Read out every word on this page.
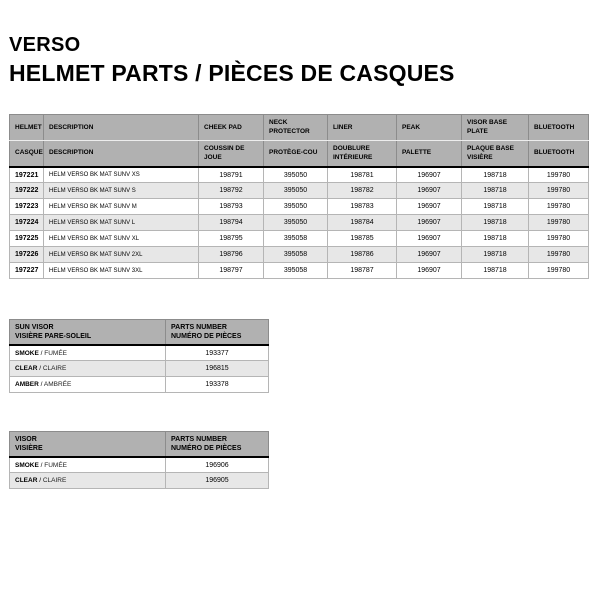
VERSO
HELMET PARTS / PIÈCES DE CASQUES
HELMET	DESCRIPTION	CHEEK PAD	NECK PROTECTOR	LINER	PEAK	VISOR BASE PLATE	BLUETOOTH
CASQUE	DESCRIPTION	COUSSIN DE JOUE	PROTÈGE-COU	DOUBLURE INTÉRIEURE	PALETTE	PLAQUE BASE VISIÈRE	BLUETOOTH
197221	HELM VERSO BK MAT SUNV XS	198791	395050	198781	196907	198718	199780
197222	HELM VERSO BK MAT SUNV S	198792	395050	198782	196907	198718	199780
197223	HELM VERSO BK MAT SUNV M	198793	395050	198783	196907	198718	199780
197224	HELM VERSO BK MAT SUNV L	198794	395050	198784	196907	198718	199780
197225	HELM VERSO BK MAT SUNV XL	198795	395058	198785	196907	198718	199780
197226	HELM VERSO BK MAT SUNV 2XL	198796	395058	198786	196907	198718	199780
197227	HELM VERSO BK MAT SUNV 3XL	198797	395058	198787	196907	198718	199780
SUN VISOR
VISIÈRE PARE-SOLEIL

PARTS NUMBER
NUMÉRO DE PIÈCES

SMOKE / FUMÉE	193377
CLEAR / CLAIRE	196815
AMBER / AMBRÉE	193378
VISOR
VISIÈRE

PARTS NUMBER
NUMÉRO DE PIÈCES

SMOKE / FUMÉE	196906
CLEAR / CLAIRE	196905
